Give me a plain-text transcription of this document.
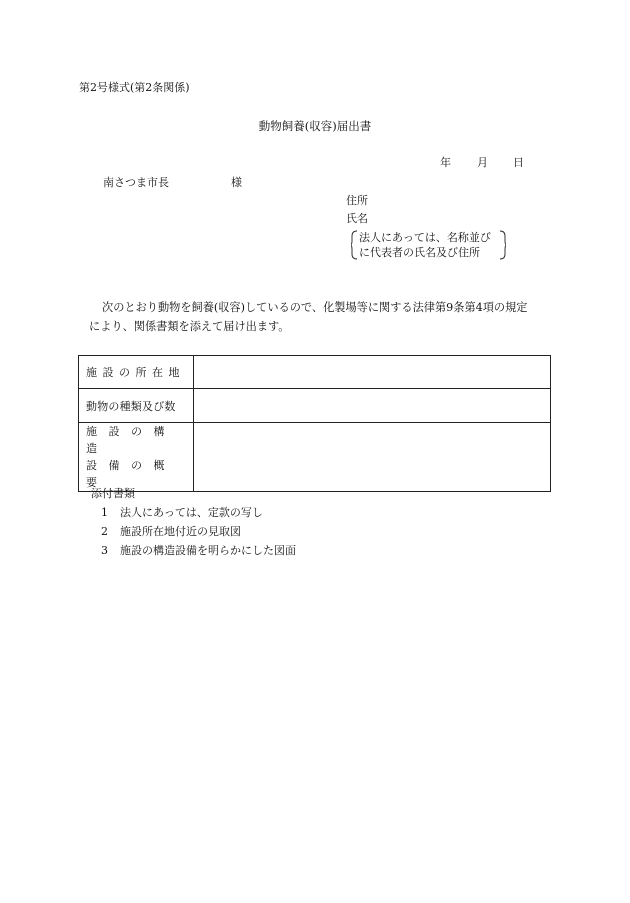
第2号様式(第2条関係)
動物飼養(収容)届出書
年 月 日
南さつま市長	様
住所
氏名
法人にあっては、名称並び
に代表者の氏名及び住所
次のとおり動物を飼養(収容)しているので、化製場等に関する法律第9条第4項の規定
により、関係書類を添えて届け出ます。
施設の所在地	
動物の種類及び数	

施設の構造
設備の概要	

添付書類
1 法人にあっては、定款の写し
2 施設所在地付近の見取図
3 施設の構造設備を明らかにした図面
